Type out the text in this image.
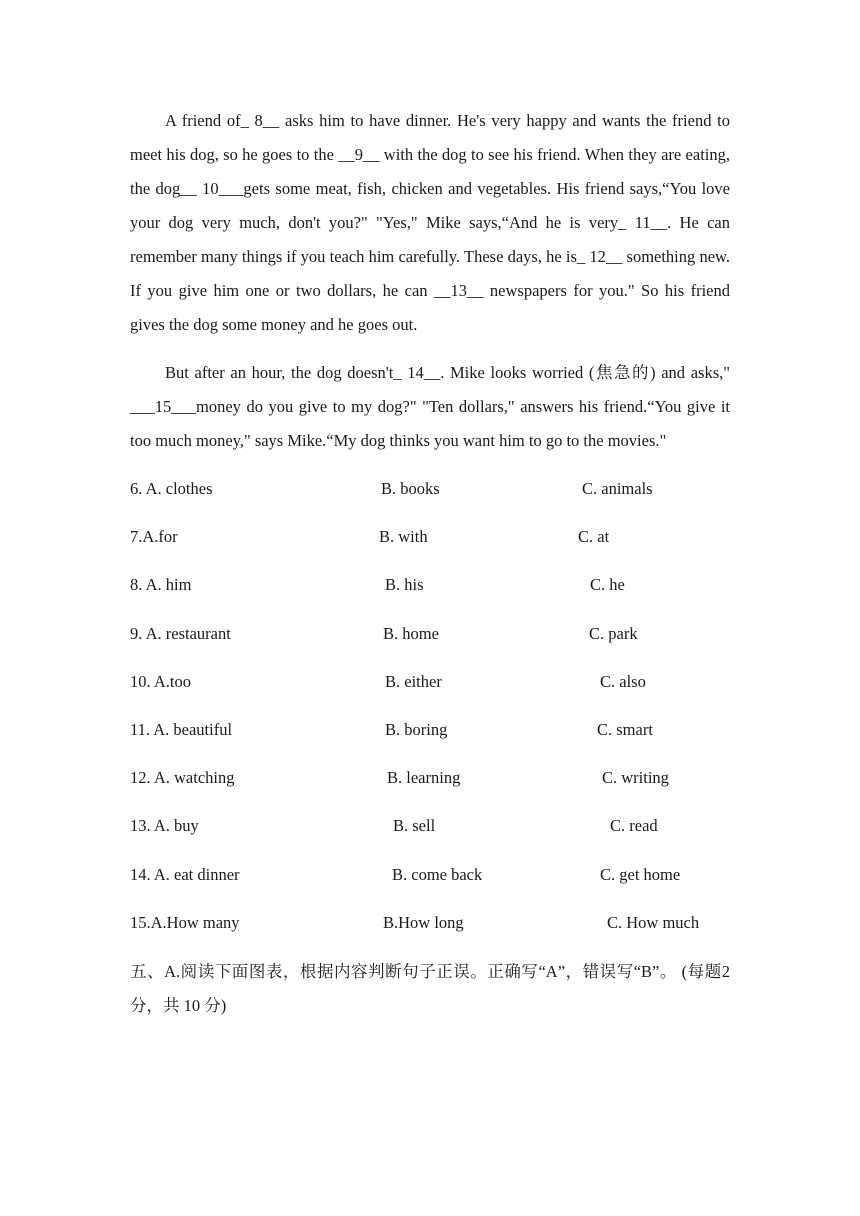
A friend of_ 8__ asks him to have dinner. He's very happy and wants the friend to meet his dog, so he goes to the __9__ with the dog to see his friend. When they are eating, the dog__ 10___gets some meat, fish, chicken and vegetables. His friend says,“You love your dog very much, don't you?" "Yes," Mike says,“And he is very_ 11__. He can remember many things if you teach him carefully. These days, he is_ 12__ something new. If you give him one or two dollars, he can __13__ newspapers for you." So his friend gives the dog some money and he goes out.

But after an hour, the dog doesn't_ 14__. Mike looks worried (焦急的) and asks," ___15___money do you give to my dog?" "Ten dollars," answers his friend.“You give it too much money," says Mike.“My dog thinks you want him to go to the movies."

6. A. clothes	B. books	C. animals
7.A.for	B. with	C. at
8. A. him	B. his	C. he
9. A. restaurant	B. home	C. park
10. A.too	B. either	C. also
11. A. beautiful	B. boring	C. smart
12. A. watching	B. learning	C. writing
13. A. buy	B. sell	C. read
14. A. eat dinner	B. come back	C. get home
15.A.How many	B.How long	C. How much

五、A.阅读下面图表，根据内容判断句子正误。正确写“A”，错误写“B”。 (每题2 分，共 10 分)
